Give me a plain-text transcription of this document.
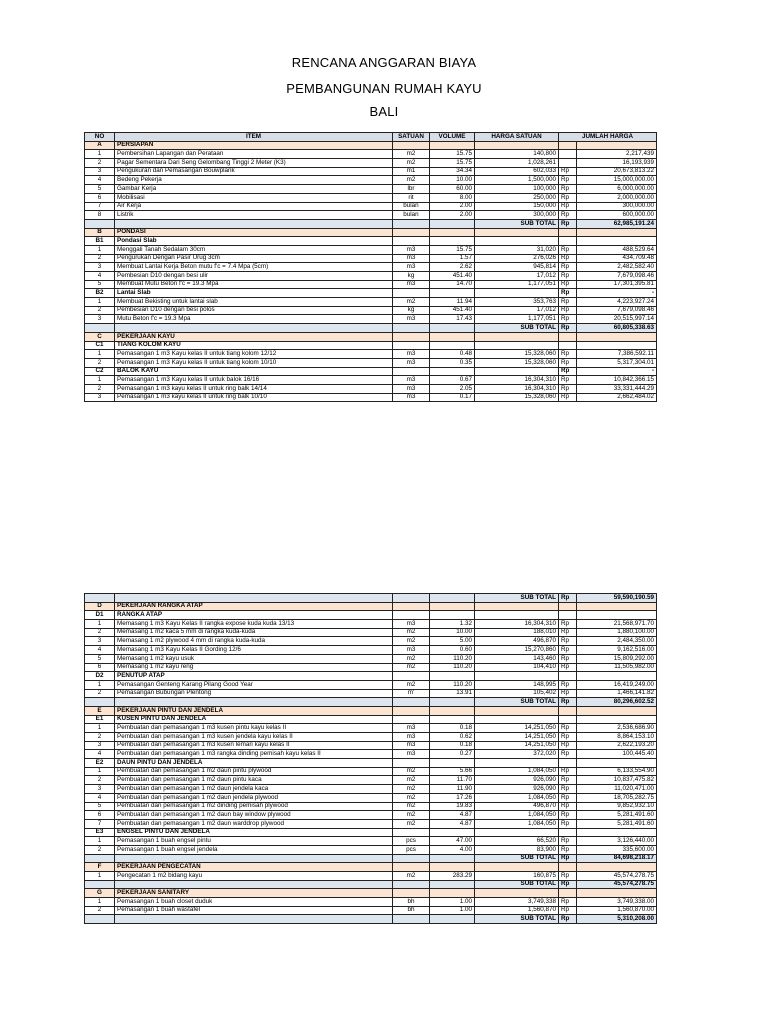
RENCANA ANGGARAN BIAYA
PEMBANGUNAN RUMAH KAYU
BALI
NO	ITEM	SATUAN	VOLUME	HARGA SATUAN	JUMLAH HARGA	
A	PERSIAPAN					
1	Pembersihan Lapangan dan Perataan	m2	15.75	140,800		2,217,439
2	Pagar Sementara Dari Seng Gelombang Tinggi 2 Meter (K3)	m2	15.75	1,028,261		16,193,939
3	Pengukuran dan Pemasangan Bouwplank	m1	34.34	602,033	Rp	20,673,813.22
4	Bedeng Pekerja	m2	10.00	1,500,000	Rp	15,000,000.00
5	Gambar Kerja	lbr	60.00	100,000	Rp	6,000,000.00
6	Mobilisasi	rit	8.00	250,000	Rp	2,000,000.00
7	Air Kerja	bulan	2.00	150,000	Rp	300,000.00
8	Listrik	bulan	2.00	300,000	Rp	600,000.00
				SUB TOTAL	Rp	62,985,191.24
B	PONDASI					
B1	Pondasi Slab					
1	Menggali Tanah Sedalam 30cm	m3	15.75	31,020	Rp	488,529.64
2	Pengurukan Dengan Pasir Urug 3cm	m3	1.57	276,026	Rp	434,709.48
3	Membuat Lantai Kerja Beton mutu f'c = 7.4 Mpa (5cm)	m3	2.62	945,814	Rp	2,482,582.40
4	Pembesian D10 dengan besi ulir	kg	451.40	17,012	Rp	7,679,098.46
5	Membuat Mutu Beton f'c = 19.3 Mpa	m3	14.70	1,177,051	Rp	17,301,395.81
B2	Lantai Slab				Rp	-
1	Membuat Bekisting untuk lantai slab	m2	11.94	353,763	Rp	4,223,927.24
2	Pembesian D10 dengan besi polos	kg	451.40	17,012	Rp	7,679,098.46
3	Mutu Beton f'c = 19.3 Mpa	m3	17.43	1,177,051	Rp	20,515,997.14
				SUB TOTAL	Rp	60,805,338.63
C	PEKERJAAN KAYU					
C1	TIANG KOLOM KAYU					
1	Pemasangan 1 m3 Kayu kelas II untuk tiang kolom 12/12	m3	0.48	15,328,060	Rp	7,386,592.11
2	Pemasangan 1 m3 Kayu kelas II untuk tiang kolom 10/10	m3	0.35	15,328,060	Rp	5,317,304.01
C2	BALOK KAYU				Rp	-
1	Pemasangan 1 m3 Kayu kelas II untuk balok 16/16	m3	0.67	16,304,310	Rp	10,842,366.15
2	Pemasangan 1 m3 kayu kelas II untuk ring balk 14/14	m3	2.05	16,304,310	Rp	33,331,444.29
3	Pemasangan 1 m3 kayu kelas II untuk ring balk 10/10	m3	0.17	15,328,060	Rp	2,662,484.02
				SUB TOTAL	Rp	59,590,190.59
D	PEKERJAAN RANGKA ATAP					
D1	RANGKA ATAP					
1	Memasang 1 m3 Kayu Kelas II rangka expose kuda kuda 13/13	m3	1.32	16,304,310	Rp	21,568,971.70
2	Memasang 1 m2 kaca 5 mm di rangka kuda-kuda	m2	10.00	188,010	Rp	1,880,100.00
3	Memasang 1 m2 plywood 4 mm di rangka kuda-kuda	m2	5.00	496,870	Rp	2,484,350.00
4	Memasang 1 m3 Kayu Kelas II Gording 12/6	m3	0.60	15,270,860	Rp	9,162,516.00
5	Memasang 1 m2 kayu usuk	m2	110.20	143,460	Rp	15,809,292.00
6	Memasang 1 m2 kayu reng	m2	110.20	104,410	Rp	11,505,982.00
D2	PENUTUP ATAP					
1	Pemasangan Genteng Karang Pilang Good Year	m2	110.20	148,995	Rp	16,419,249.00
2	Pemasangan Bubungan Plentong	m'	13.91	105,402	Rp	1,466,141.82
				SUB TOTAL	Rp	80,296,602.52
E	PEKERJAAN PINTU DAN JENDELA					
E1	KUSEN PINTU DAN JENDELA					
1	Pembuatan dan pemasangan 1 m3 kusen pintu kayu kelas II	m3	0.18	14,251,050	Rp	2,536,686.90
2	Pembuatan dan pemasangan 1 m3 kusen jendela kayu kelas II	m3	0.62	14,251,050	Rp	8,864,153.10
3	Pembuatan dan pemasangan 1 m3 kusen lemari kayu kelas II	m3	0.18	14,251,050	Rp	2,622,193.20
4	Pembuatan dan pemasangan 1 m3 rangka dinding pemisah kayu kelas II	m3	0.27	372,020	Rp	100,445.40
E2	DAUN PINTU DAN JENDELA					
1	Pembuatan dan pemasangan 1 m2 daun pintu plywood	m2	5.66	1,084,050	Rp	6,133,554.90
2	Pembuatan dan pemasangan 1 m2 daun pintu kaca	m2	11.70	926,090	Rp	10,837,475.82
3	Pembuatan dan pemasangan 1 m2 daun jendela kaca	m2	11.90	926,090	Rp	11,020,471.00
4	Pembuatan dan pemasangan 1 m2 daun jendela plywood	m2	17.26	1,084,050	Rp	18,705,282.75
5	Pembuatan dan pemasangan 1 m2 dinding pemisah plywood	m2	19.83	496,870	Rp	9,852,932.10
6	Pembuatan dan pemasangan 1 m2 daun bay window plywood	m2	4.87	1,084,050	Rp	5,281,491.60
7	Pembuatan dan pemasangan 1 m2 daun warddrop plywood	m2	4.87	1,084,050	Rp	5,281,491.60
E3	ENGSEL PINTU DAN JENDELA					
1	Pemasangan 1 buah engsel pintu	pcs	47.00	66,520	Rp	3,126,440.00
2	Pemasangan 1 buah engsel jendela	pcs	4.00	83,900	Rp	335,600.00
				SUB TOTAL	Rp	84,698,218.17
F	PEKERJAAN PENGECATAN					
1	Pengecatan 1 m2 bidang kayu	m2	283.29	160,875	Rp	45,574,278.75
				SUB TOTAL	Rp	45,574,278.75
G	PEKERJAAN SANITARY					
1	Pemasangan 1 buah closet duduk	bh	1.00	3,749,338	Rp	3,749,338.00
2	Pemasangan 1 buah wastafel	bh	1.00	1,560,870	Rp	1,560,870.00
				SUB TOTAL	Rp	5,310,208.00
